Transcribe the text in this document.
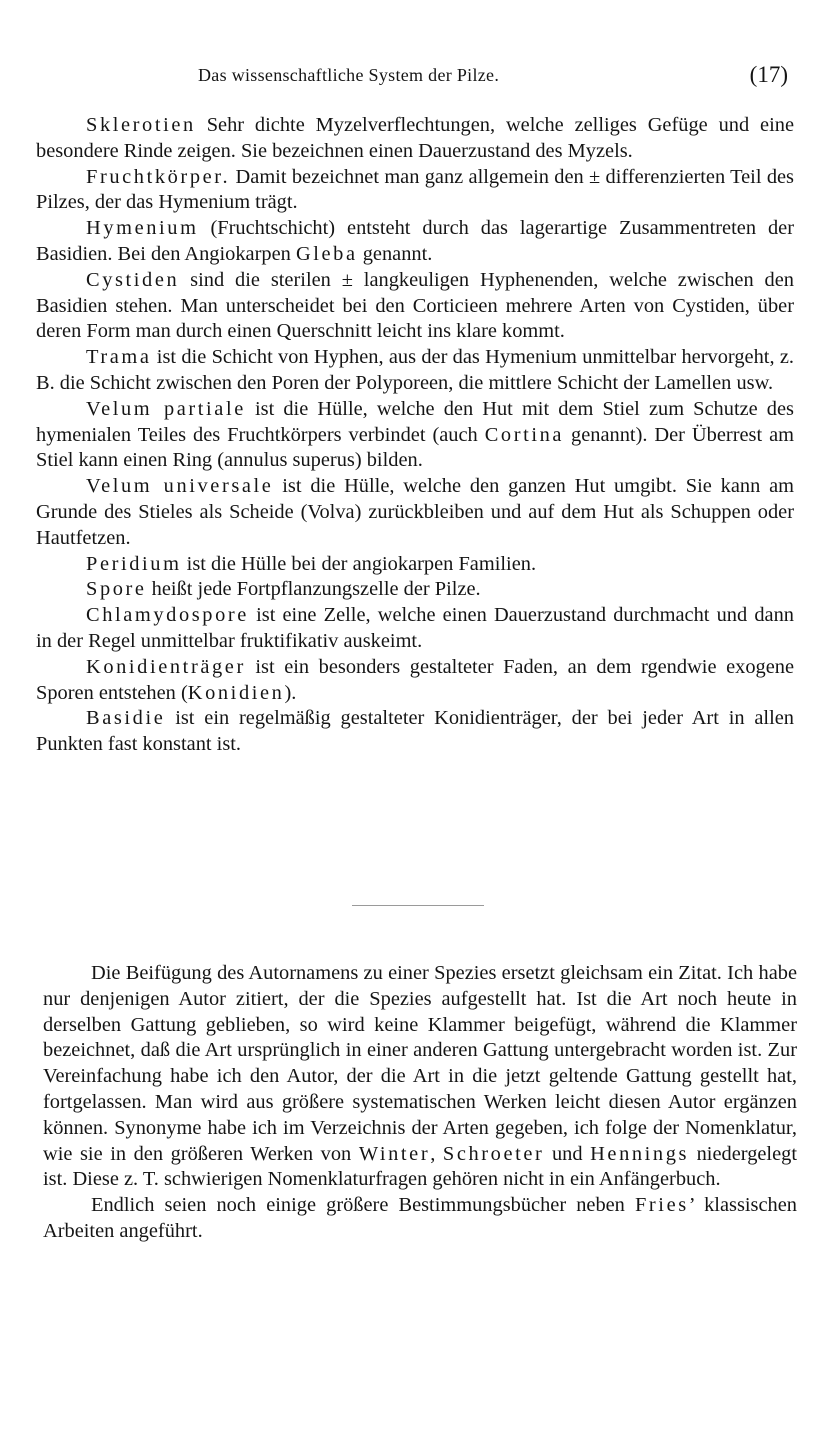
Das wissenschaftliche System der Pilze.	(17)

Sklerotien Sehr dichte Myzelverflechtungen, welche zelliges Gefüge und eine besondere Rinde zeigen. Sie bezeichnen einen Dauerzustand des Myzels.

Fruchtkörper. Damit bezeichnet man ganz allgemein den ± differenzierten Teil des Pilzes, der das Hymenium trägt.

Hymenium (Fruchtschicht) entsteht durch das lagerartige Zusammentreten der Basidien. Bei den Angiokarpen Gleba genannt.

Cystiden sind die sterilen ± langkeuligen Hyphenenden, welche zwischen den Basidien stehen. Man unterscheidet bei den Corticieen mehrere Arten von Cystiden, über deren Form man durch einen Querschnitt leicht ins klare kommt.

Trama ist die Schicht von Hyphen, aus der das Hymenium unmittelbar hervorgeht, z. B. die Schicht zwischen den Poren der Polyporeen, die mittlere Schicht der Lamellen usw.

Velum partiale ist die Hülle, welche den Hut mit dem Stiel zum Schutze des hymenialen Teiles des Fruchtkörpers verbindet (auch Cortina genannt). Der Überrest am Stiel kann einen Ring (annulus superus) bilden.

Velum universale ist die Hülle, welche den ganzen Hut umgibt. Sie kann am Grunde des Stieles als Scheide (Volva) zurückbleiben und auf dem Hut als Schuppen oder Hautfetzen.

Peridium ist die Hülle bei der angiokarpen Familien.

Spore heißt jede Fortpflanzungszelle der Pilze.

Chlamydospore ist eine Zelle, welche einen Dauerzustand durchmacht und dann in der Regel unmittelbar fruktifikativ auskeimt.

Konidienträger ist ein besonders gestalteter Faden, an dem rgendwie exogene Sporen entstehen (Konidien).

Basidie ist ein regelmäßig gestalteter Konidienträger, der bei jeder Art in allen Punkten fast konstant ist.

Die Beifügung des Autornamens zu einer Spezies ersetzt gleichsam ein Zitat. Ich habe nur denjenigen Autor zitiert, der die Spezies aufgestellt hat. Ist die Art noch heute in derselben Gattung geblieben, so wird keine Klammer beigefügt, während die Klammer bezeichnet, daß die Art ursprünglich in einer anderen Gattung untergebracht worden ist. Zur Vereinfachung habe ich den Autor, der die Art in die jetzt geltende Gattung gestellt hat, fortgelassen. Man wird aus größere systematischen Werken leicht diesen Autor ergänzen können. Synonyme habe ich im Verzeichnis der Arten gegeben, ich folge der Nomenklatur, wie sie in den größeren Werken von Winter, Schroeter und Hennings niedergelegt ist. Diese z. T. schwierigen Nomenklaturfragen gehören nicht in ein Anfängerbuch.

Endlich seien noch einige größere Bestimmungsbücher neben Fries’ klassischen Arbeiten angeführt.
